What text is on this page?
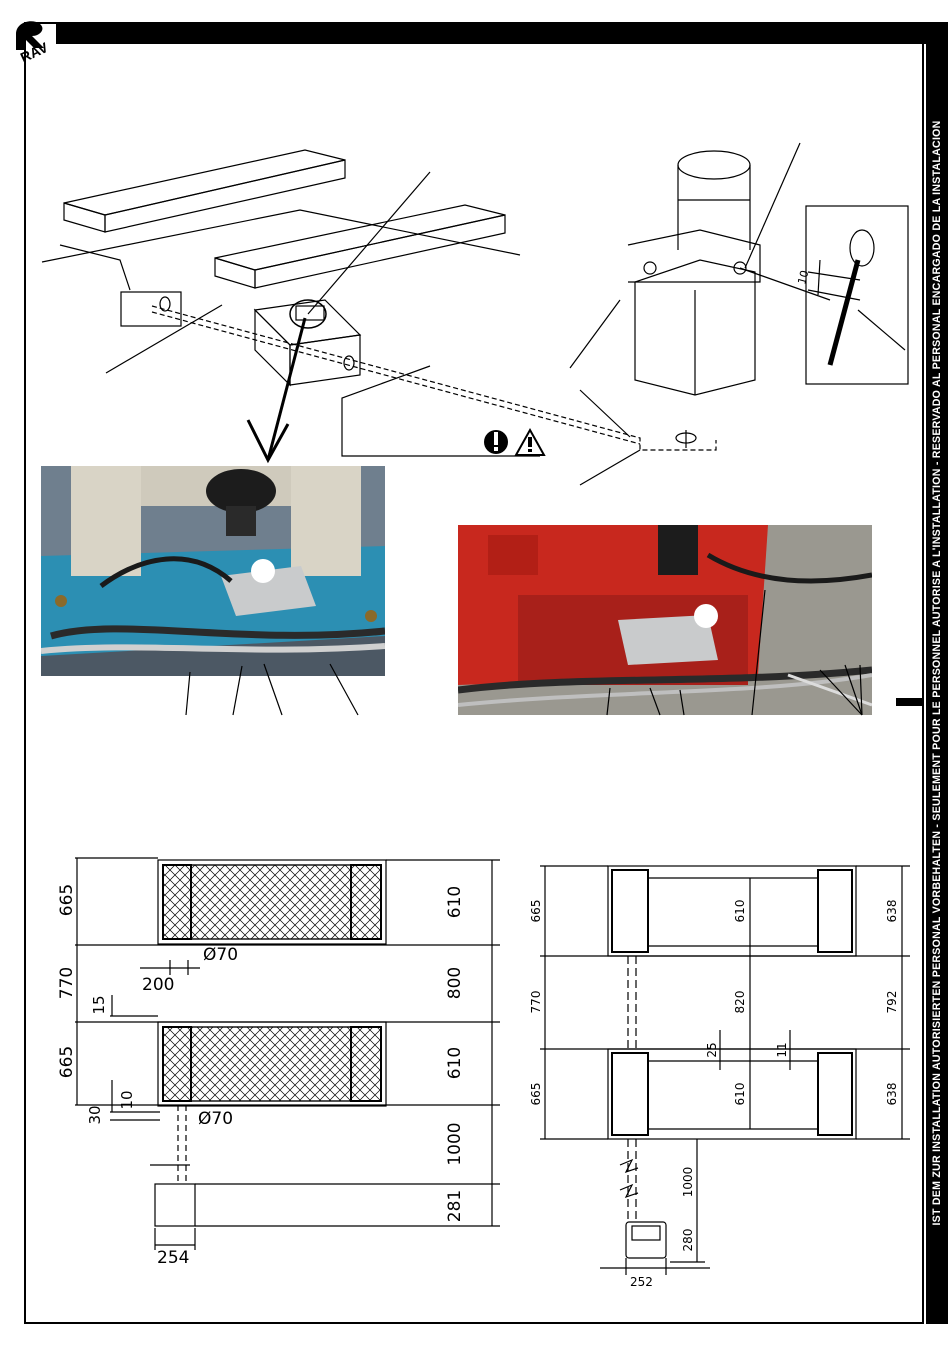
RAV
IST DEM ZUR INSTALLATION AUTORISIERTEN PERSONAL VORBEHALTEN - SEULEMENT POUR LE PERSONNEL AUTORISE A L'INSTALLATION - RESERVADO AL PERSONAL ENCARGADO DE LA INSTALACION
10
665
770
15
665
10
30
610
800
610
1000
281
Ø70
200
Ø70
254
665
770
665
610
820
25	11
610
638
792
638
1000
280
252
